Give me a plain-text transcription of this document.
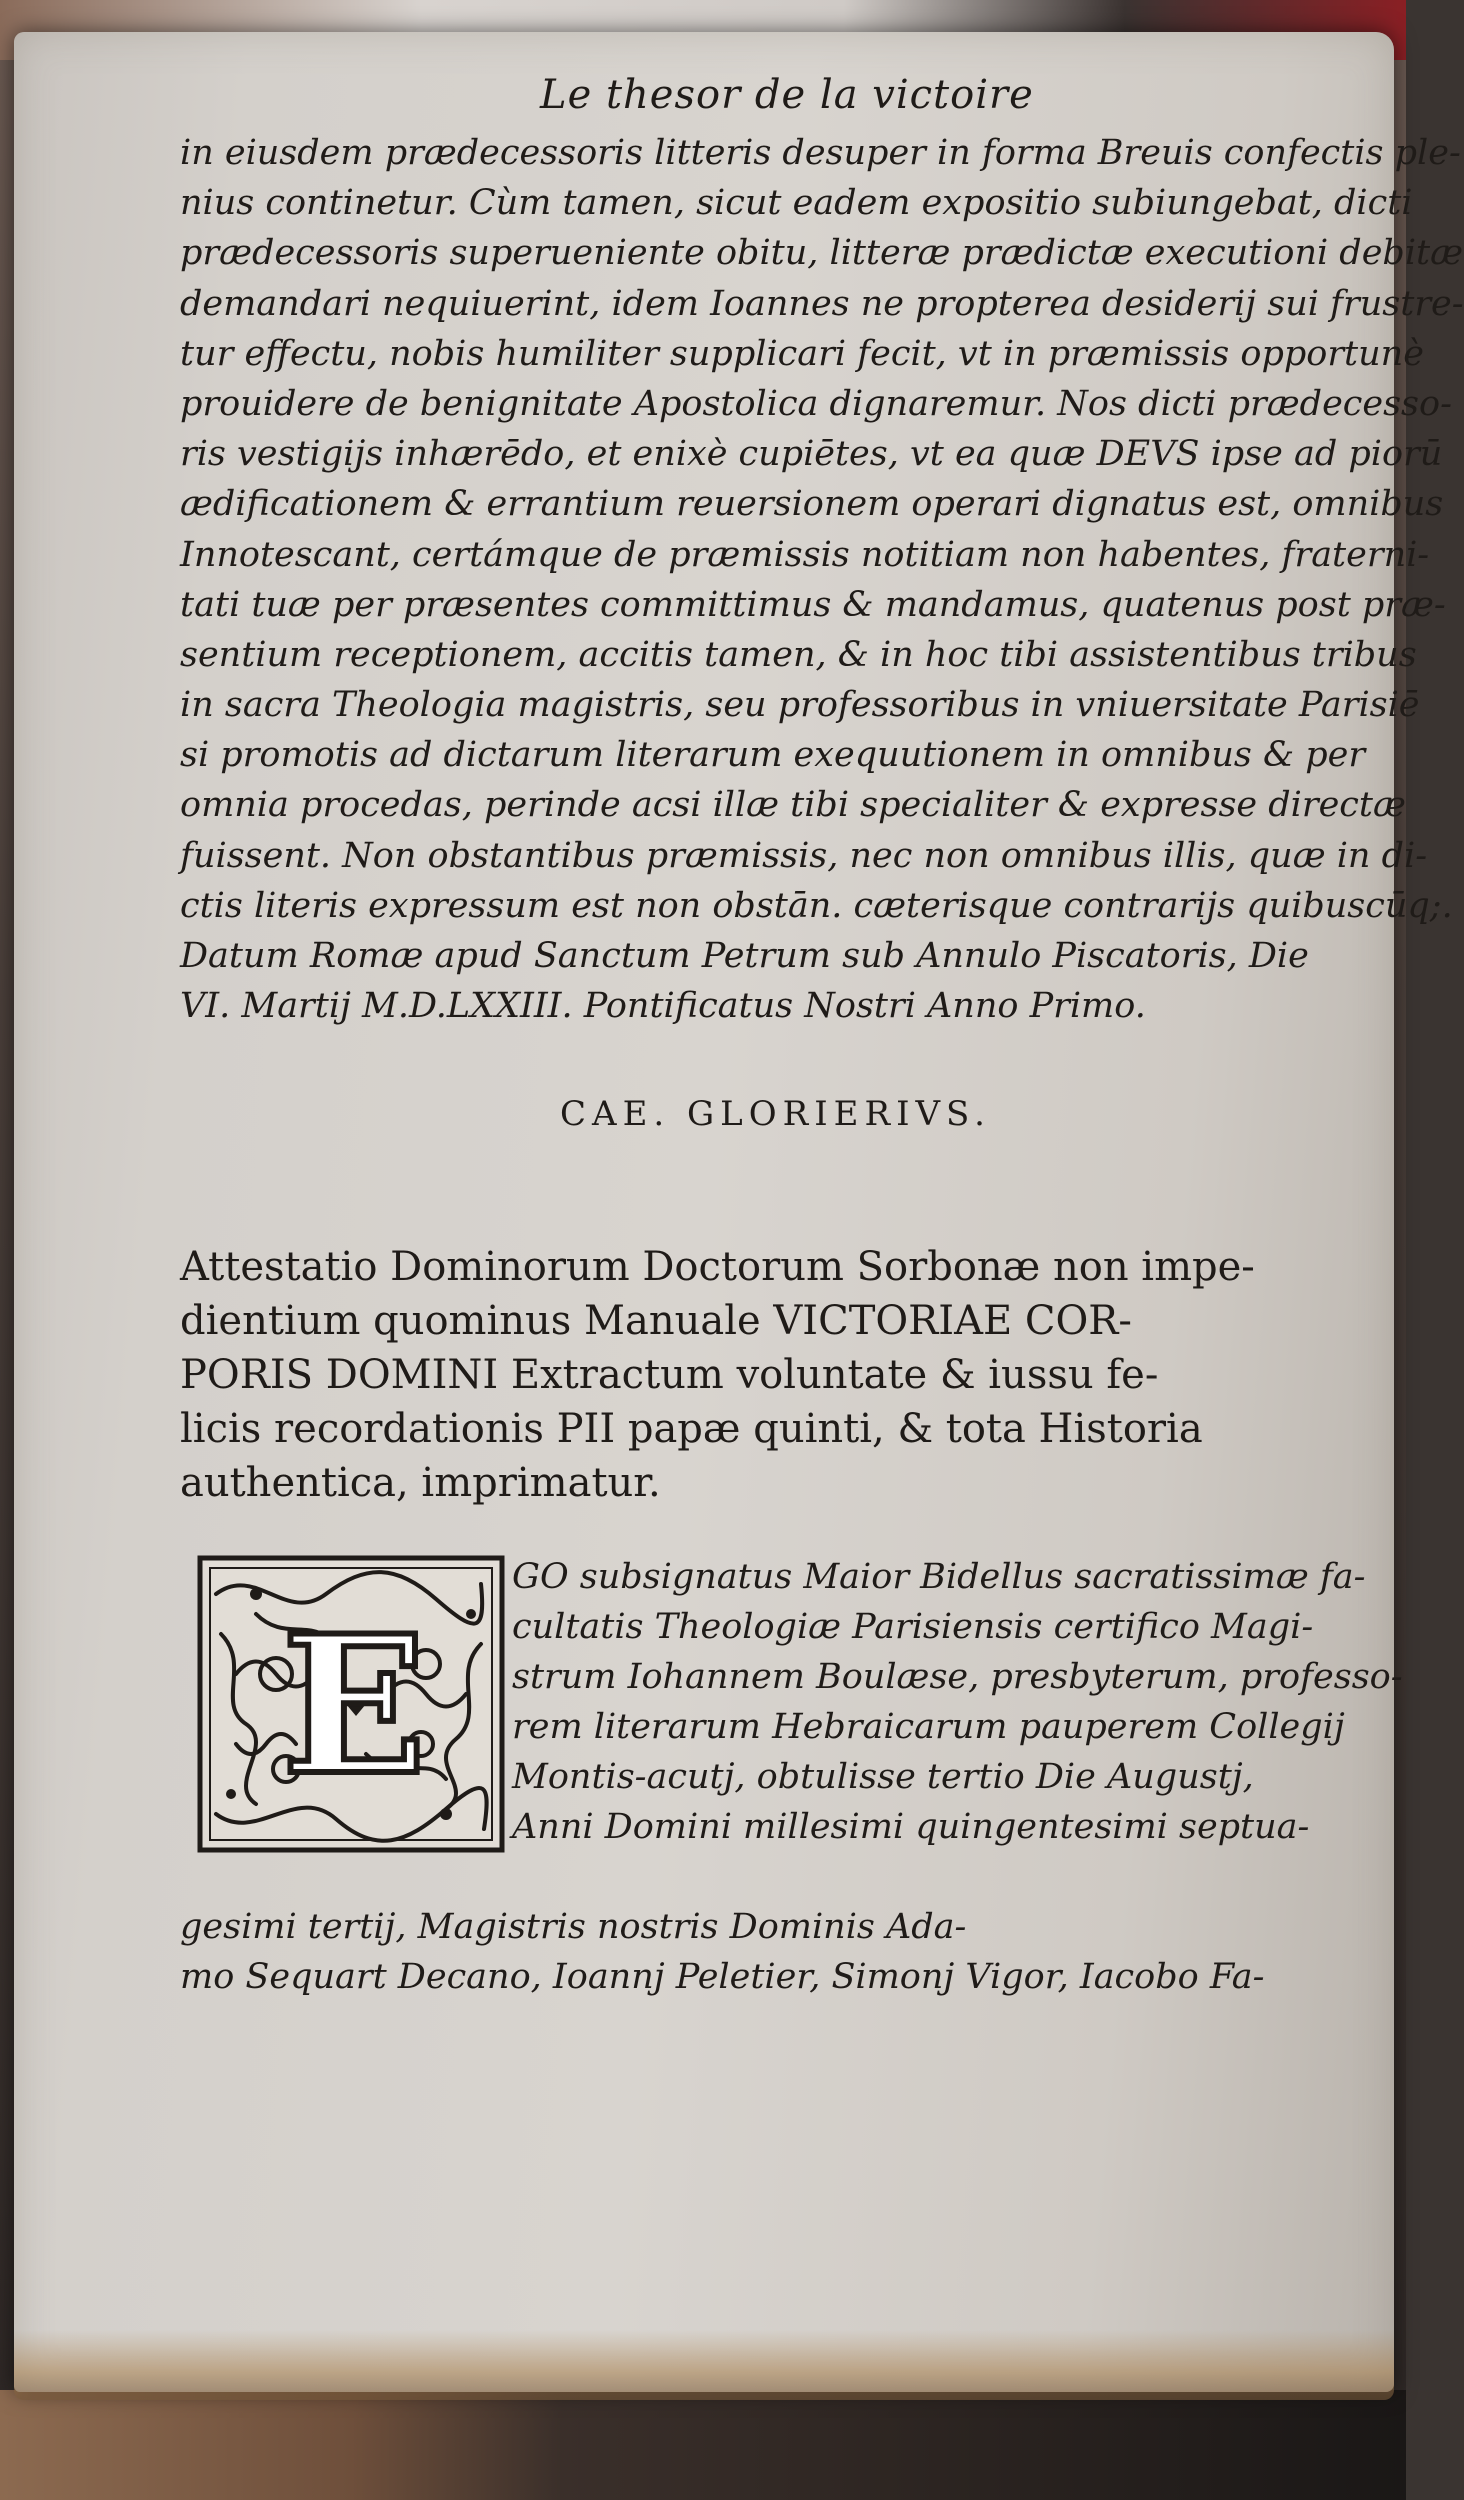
Le thesor de la victoire
in eiusdem prædecessoris litteris desuper in forma Breuis confectis ple-
nius continetur. Cùm tamen, sicut eadem expositio subiungebat, dicti
prædecessoris superueniente obitu, litteræ prædictæ executioni debitæ
demandari nequiuerint, idem Ioannes ne propterea desiderij sui frustre-
tur effectu, nobis humiliter supplicari fecit, vt in præmissis opportunè
prouidere de benignitate Apostolica dignaremur. Nos dicti prædecesso-
ris vestigijs inhærēdo, et enixè cupiētes, vt ea quæ DEVS ipse ad piorū
ædificationem & errantium reuersionem operari dignatus est, omnibus
Innotescant, certámque de præmissis notitiam non habentes, fraterni-
tati tuæ per præsentes committimus & mandamus, quatenus post præ-
sentium receptionem, accitis tamen, & in hoc tibi assistentibus tribus
in sacra Theologia magistris, seu professoribus in vniuersitate Parisiē
si promotis ad dictarum literarum exequutionem in omnibus & per
omnia procedas, perinde acsi illæ tibi specialiter & expresse directæ
fuissent. Non obstantibus præmissis, nec non omnibus illis, quæ in di-
ctis literis expressum est non obstān. cæterisque contrarijs quibuscūq;.
Datum Romæ apud Sanctum Petrum sub Annulo Piscatoris, Die
VI. Martij M.D.LXXIII. Pontificatus Nostri Anno Primo.
CAE. GLORIERIVS.
Attestatio Dominorum Doctorum Sorbonæ non impe-
dientium quominus Manuale VICTORIAE COR-
PORIS DOMINI Extractum voluntate & iussu fe-
licis recordationis PII papæ quinti, & tota Historia
authentica, imprimatur.
E
GO subsignatus Maior Bidellus sacratissimæ fa-
cultatis Theologiæ Parisiensis certifico Magi-
strum Iohannem Boulæse, presbyterum, professo-
rem literarum Hebraicarum pauperem Collegij
Montis-acutj, obtulisse tertio Die Augustj,
Anni Domini millesimi quingentesimi septua-
gesimi tertij, Magistris nostris Dominis Ada-
mo Sequart Decano, Ioannj Peletier, Simonj Vigor, Iacobo Fa-
